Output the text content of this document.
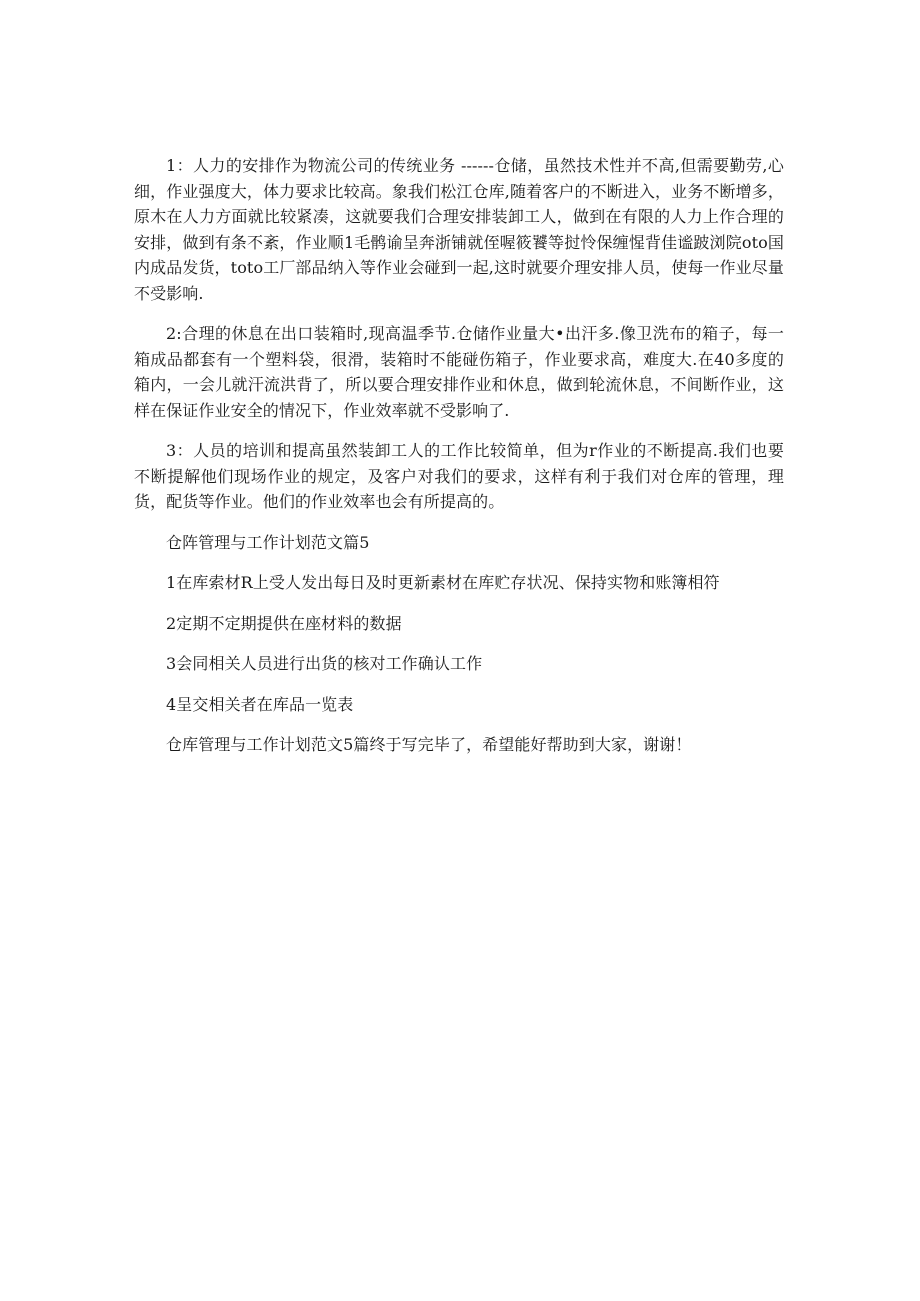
1：人力的安排作为物流公司的传统业务 ------仓储，虽然技术性并不高,但需要勤劳,心细，作业强度大，体力要求比较高。象我们松江仓库,随着客户的不断进入，业务不断增多，原木在人力方面就比较紧凑，这就要我们合理安排装卸工人，做到在有限的人力上作合理的安排，做到有条不紊，作业顺1毛鹘谕呈奔浙铺就侄喔筱饕等挝怜保缠惺背佳谧跛浏院oto国内成品发货，toto工厂部品纳入等作业会碰到一起,这时就要介理安排人员，使每一作业尽量不受影响.

2:合理的休息在出口装箱时,现高温季节.仓储作业量大•出汗多.像卫洗布的箱子，每一箱成品都套有一个塑料袋，很滑，装箱时不能碰伤箱子，作业要求高，难度大.在40多度的箱内，一会儿就汗流洪背了，所以要合理安排作业和休息，做到轮流休息，不间断作业，这样在保证作业安全的情况下，作业效率就不受影响了.

3：人员的培训和提高虽然装卸工人的工作比较简单，但为r作业的不断提高.我们也要不断提解他们现场作业的规定，及客户对我们的要求，这样有利于我们对仓库的管理，理货，配货等作业。他们的作业效率也会有所提高的。

仓阵管理与工作计划范文篇5

1在库索材R上受人发出每日及时更新素材在库贮存状况、保持实物和账簿相符

2定期不定期提供在座材料的数据

3会同相关人员进行出货的核对工作确认工作

4呈交相关者在库品一览表

仓库管理与工作计划范文5篇终于写完毕了，希望能好帮助到大家，谢谢！
